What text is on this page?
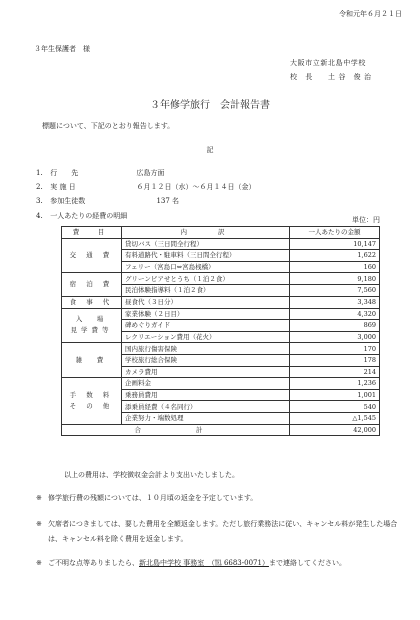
令和元年６月２１日
３年生保護者　様
大阪市立新北島中学校
校　長　　土 谷　俊 治
３年修学旅行　会計報告書
標題について、下記のとおり報告します。
記
1. 行　　先	広島方面
2. 実 施 日	６月１２日（水）～６月１４日（金）
3. 参加生徒数	137 名
4. 一人あたりの経費の明細	単位：円
費　目	内　　訳	一人あたりの金額
交 通 費	貸切バス（三日間全行程）	10,147
	有料道路代・駐車料（三日間全行程）	1,622
	フェリー（宮島口⇔宮島桟橋）	160
宿 泊 費	グリーンピアせとうち（１泊２食）	9,180
	民泊体験指導料（１泊２食）	7,560
食 事 代	昼食代（３日分）	3,348
入　場
見学費等	家業体験（２日目）	4,320
	碑めぐりガイド	869
	レクリエーション費用（花火）	3,000
雑　費	国内旅行傷害保険	170
	学校旅行総合保険	178
	カメラ費用	214
手 数 料
そ の 他	企画料金	1,236
	乗務員費用	1,001
	添乗員経費（４名同行）	540
	企業努力・端数処理	△1,545
合　　計		42,000
以上の費用は、学校徴収金会計より支出いたしました。
※ 修学旅行費の残額については、１０月頃の返金を予定しています。
※ 欠席者につきましては、要した費用を全額返金します。ただし旅行業務法に従い、キャンセル料が発生した場合は、キャンセル料を除く費用を返金します。
※ ご不明な点等ありましたら、新北島中学校 事務室　（℡ 6683-0071）まで連絡してください。
